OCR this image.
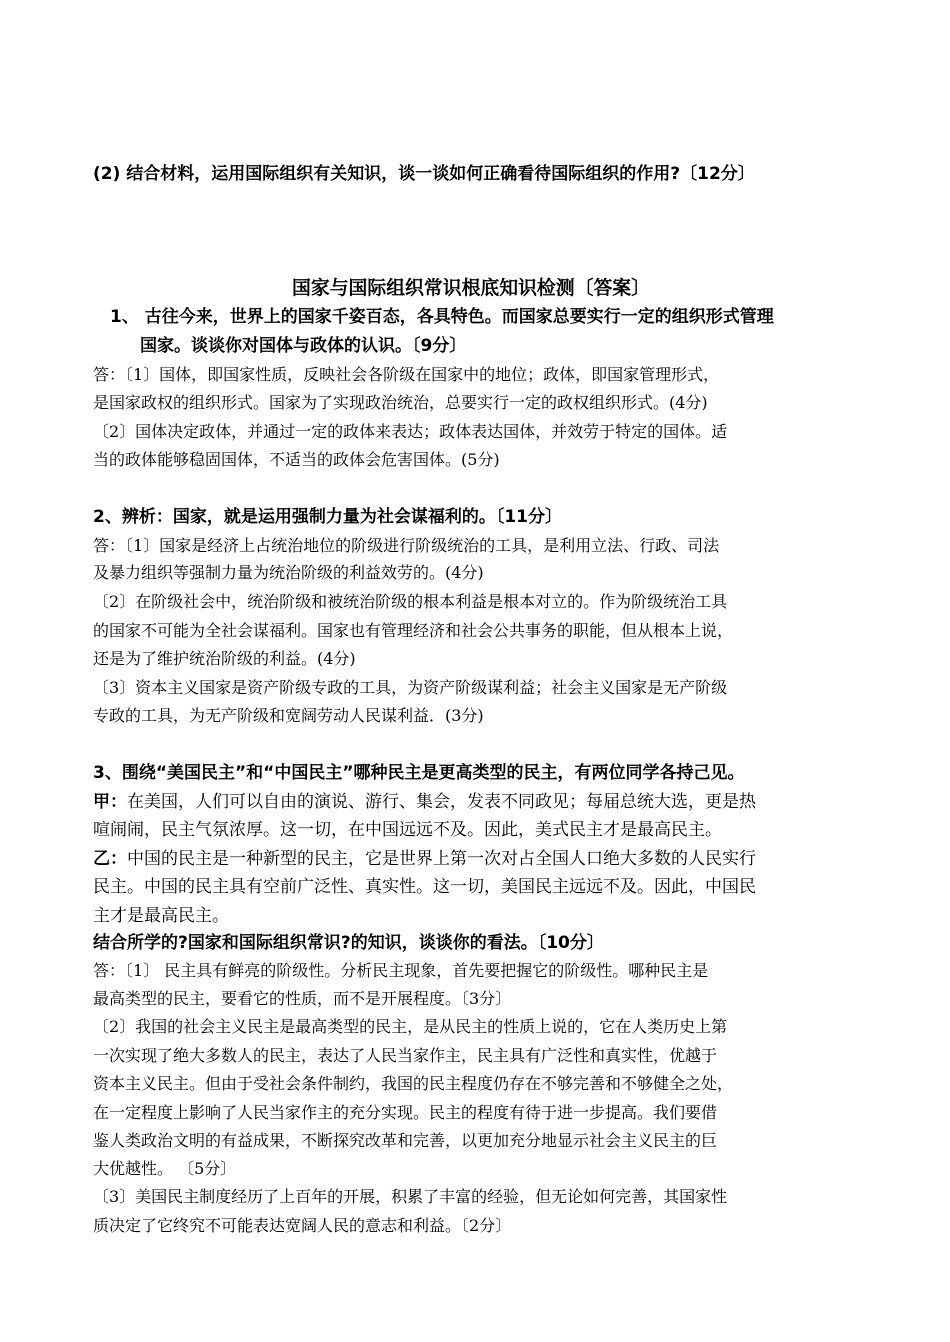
(2) 结合材料，运用国际组织有关知识，谈一谈如何正确看待国际组织的作用?〔12分〕
国家与国际组织常识根底知识检测〔答案〕
1、 古往今来，世界上的国家千姿百态，各具特色。而国家总要实行一定的组织形式管理
国家。谈谈你对国体与政体的认识。〔9分〕
答：〔1〕国体，即国家性质，反映社会各阶级在国家中的地位；政体，即国家管理形式，
是国家政权的组织形式。国家为了实现政治统治，总要实行一定的政权组织形式。(4分)
〔2〕国体决定政体，并通过一定的政体来表达；政体表达国体，并效劳于特定的国体。适
当的政体能够稳固国体，不适当的政体会危害国体。(5分)
2、辨析：国家，就是运用强制力量为社会谋福利的。〔11分〕
答：〔1〕国家是经济上占统治地位的阶级进行阶级统治的工具，是利用立法、行政、司法
及暴力组织等强制力量为统治阶级的利益效劳的。(4分)
〔2〕在阶级社会中，统治阶级和被统治阶级的根本利益是根本对立的。作为阶级统治工具
的国家不可能为全社会谋福利。国家也有管理经济和社会公共事务的职能，但从根本上说，
还是为了维护统治阶级的利益。(4分)
〔3〕资本主义国家是资产阶级专政的工具，为资产阶级谋利益；社会主义国家是无产阶级
专政的工具，为无产阶级和宽阔劳动人民谋利益．(3分)
3、围绕“美国民主”和“中国民主”哪种民主是更高类型的民主，有两位同学各持己见。
甲：在美国，人们可以自由的演说、游行、集会，发表不同政见；每届总统大选，更是热
喧闹闹，民主气氛浓厚。这一切，在中国远远不及。因此，美式民主才是最高民主。
乙：中国的民主是一种新型的民主，它是世界上第一次对占全国人口绝大多数的人民实行
民主。中国的民主具有空前广泛性、真实性。这一切，美国民主远远不及。因此，中国民
主才是最高民主。
结合所学的?国家和国际组织常识?的知识，谈谈你的看法。〔10分〕
答：〔1〕 民主具有鲜亮的阶级性。分析民主现象，首先要把握它的阶级性。哪种民主是
最高类型的民主，要看它的性质，而不是开展程度。〔3分〕
〔2〕我国的社会主义民主是最高类型的民主，是从民主的性质上说的，它在人类历史上第
一次实现了绝大多数人的民主，表达了人民当家作主，民主具有广泛性和真实性，优越于
资本主义民主。但由于受社会条件制约，我国的民主程度仍存在不够完善和不够健全之处，
在一定程度上影响了人民当家作主的充分实现。民主的程度有待于进一步提高。我们要借
鉴人类政治文明的有益成果，不断探究改革和完善，以更加充分地显示社会主义民主的巨
大优越性。 〔5分〕
〔3〕美国民主制度经历了上百年的开展，积累了丰富的经验，但无论如何完善，其国家性
质决定了它终究不可能表达宽阔人民的意志和利益。〔2分〕
